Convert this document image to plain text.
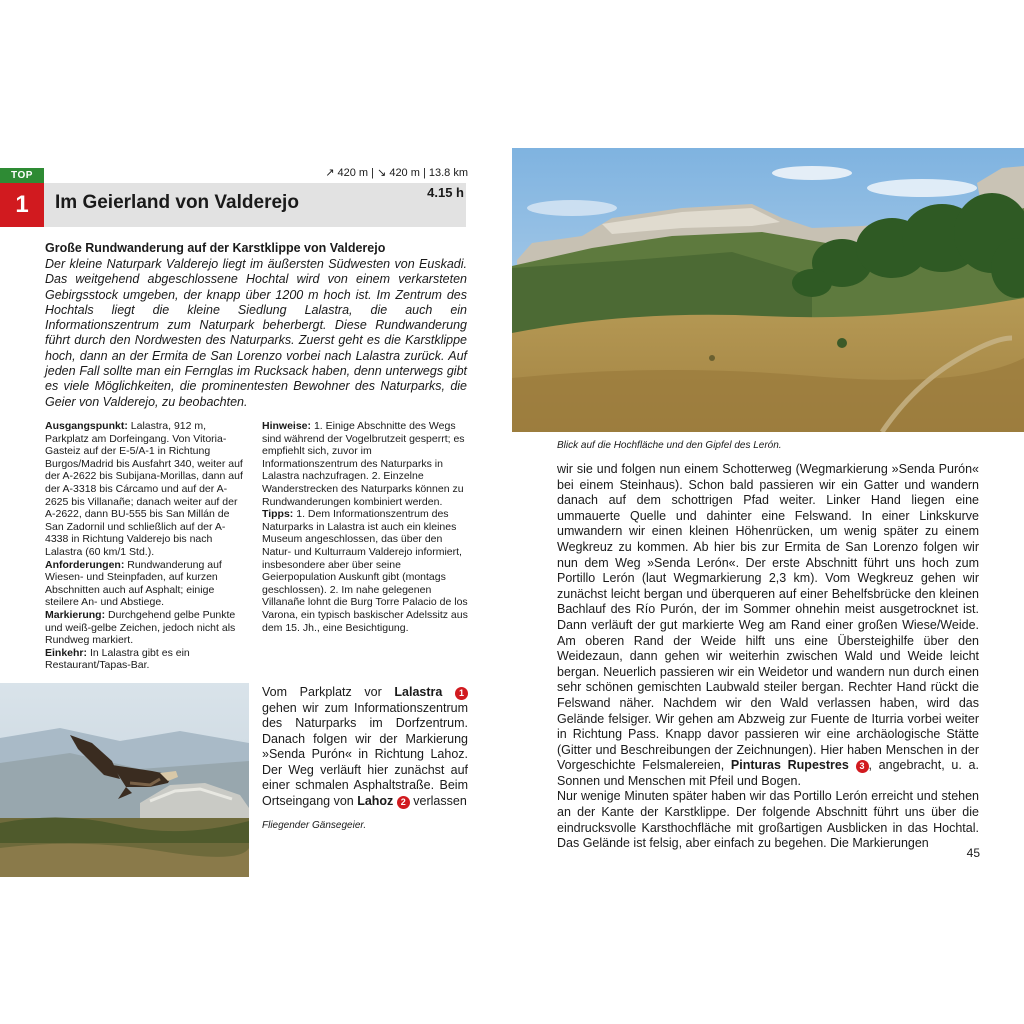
TOP
1	Im Geierland von Valderejo
↗ 420 m | ↘ 420 m | 13.8 km
4.15 h
Große Rundwanderung auf der Karstklippe von Valderejo

Der kleine Naturpark Valderejo liegt im äußersten Südwesten von Euskadi. Das weitgehend abgeschlossene Hochtal wird von einem verkarsteten Gebirgsstock umgeben, der knapp über 1200 m hoch ist. Im Zentrum des Hochtals liegt die kleine Siedlung Lalastra, die auch ein Informationszentrum zum Naturpark beherbergt. Diese Rundwanderung führt durch den Nordwesten des Naturparks. Zuerst geht es die Karstklippe hoch, dann an der Ermita de San Lorenzo vorbei nach Lalastra zurück. Auf jeden Fall sollte man ein Fernglas im Rucksack haben, denn unterwegs gibt es viele Möglichkeiten, die prominentesten Bewohner des Naturparks, die Geier von Valderejo, zu beobachten.

Ausgangspunkt: Lalastra, 912 m, Parkplatz am Dorfeingang. Von Vitoria-Gasteiz auf der E-5/A-1 in Richtung Burgos/Madrid bis Ausfahrt 340, weiter auf der A-2622 bis Subijana-Morillas, dann auf der A-3318 bis Cárcamo und auf der A-2625 bis Villanañe; danach weiter auf der A-2622, dann BU-555 bis San Millán de San Zadornil und schließlich auf der A-4338 in Richtung Valderejo bis nach Lalastra (60 km/1 Std.).
Anforderungen: Rundwanderung auf Wiesen- und Steinpfaden, auf kurzen Abschnitten auch auf Asphalt; einige steilere An- und Abstiege.
Markierung: Durchgehend gelbe Punkte und weiß-gelbe Zeichen, jedoch nicht als Rundweg markiert.
Einkehr: In Lalastra gibt es ein Restaurant/Tapas-Bar.

Hinweise: 1. Einige Abschnitte des Wegs sind während der Vogelbrutzeit gesperrt; es empfiehlt sich, zuvor im Informationszentrum des Naturparks in Lalastra nachzufragen. 2. Einzelne Wanderstrecken des Naturparks können zu Rundwanderungen kombiniert werden.
Tipps: 1. Dem Informationszentrum des Naturparks in Lalastra ist auch ein kleines Museum angeschlossen, das über den Natur- und Kulturraum Valderejo informiert, insbesondere aber über seine Geierpopulation Auskunft gibt (montags geschlossen). 2. Im nahe gelegenen Villanañe lohnt die Burg Torre Palacio de los Varona, ein typisch baskischer Adelssitz aus dem 15. Jh., eine Besichtigung.

Fliegender Gänsegeier.

Vom Parkplatz vor Lalastra 1 gehen wir zum Informationszentrum des Naturparks im Dorfzentrum. Danach folgen wir der Markierung »Senda Purón« in Richtung Lahoz. Der Weg verläuft hier zunächst auf einer schmalen Asphaltstraße. Beim Ortseingang von Lahoz 2 verlassen

Blick auf die Hochfläche und den Gipfel des Lerón.

wir sie und folgen nun einem Schotterweg (Wegmarkierung »Senda Purón« bei einem Steinhaus). Schon bald passieren wir ein Gatter und wandern danach auf dem schottrigen Pfad weiter. Linker Hand liegen eine ummauerte Quelle und dahinter eine Felswand. In einer Linkskurve umwandern wir einen kleinen Höhenrücken, um wenig später zu einem Wegkreuz zu kommen. Ab hier bis zur Ermita de San Lorenzo folgen wir nun dem Weg »Senda Lerón«. Der erste Abschnitt führt uns hoch zum Portillo Lerón (laut Wegmarkierung 2,3 km). Vom Wegkreuz gehen wir zunächst leicht bergan und überqueren auf einer Behelfsbrücke den kleinen Bachlauf des Río Purón, der im Sommer ohnehin meist ausgetrocknet ist. Dann verläuft der gut markierte Weg am Rand einer großen Wiese/Weide. Am oberen Rand der Weide hilft uns eine Übersteighilfe über den Weidezaun, dann gehen wir weiterhin zwischen Wald und Weide leicht bergan. Neuerlich passieren wir ein Weidetor und wandern nun durch einen sehr schönen gemischten Laubwald steiler bergan. Rechter Hand rückt die Felswand näher. Nachdem wir den Wald verlassen haben, wird das Gelände felsiger. Wir gehen am Abzweig zur Fuente de Iturria vorbei weiter in Richtung Pass. Knapp davor passieren wir eine archäologische Stätte (Gitter und Beschreibungen der Zeichnungen). Hier haben Menschen in der Vorgeschichte Felsmalereien, Pinturas Rupestres 3 , angebracht, u. a. Sonnen und Menschen mit Pfeil und Bogen.
Nur wenige Minuten später haben wir das Portillo Lerón erreicht und stehen an der Kante der Karstklippe. Der folgende Abschnitt führt uns über die eindrucksvolle Karsthochfläche mit großartigen Ausblicken in das Hochtal. Das Gelände ist felsig, aber einfach zu begehen. Die Markierungen

45
